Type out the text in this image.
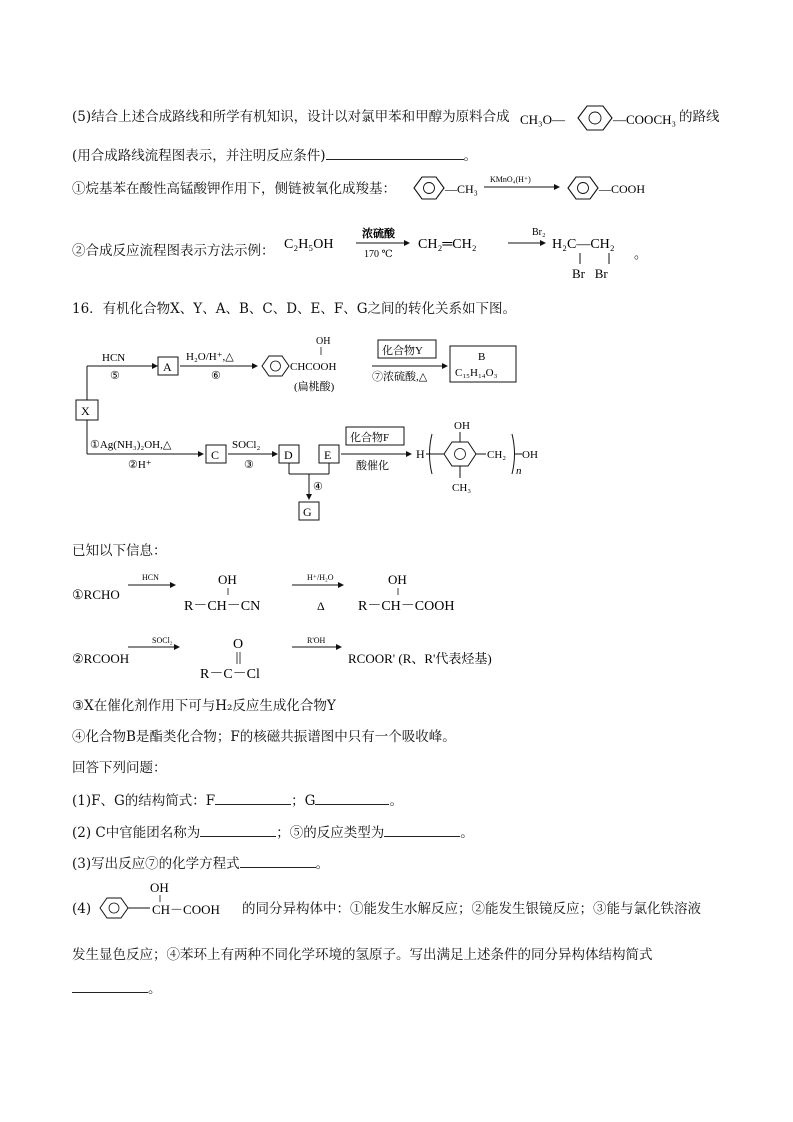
(5)结合上述合成路线和所学有机知识，设计以对氯甲苯和甲醇为原料合成 CH₃O—	—COOCH₃ 的路线
(用合成路线流程图表示，并注明反应条件)	。
①烷基苯在酸性高锰酸钾作用下，侧链被氧化成羧基：	—CH₃
KMnO₄(H⁺)
—COOH
②合成反应流程图表示方法示例： C₂H₅OH
浓硫酸
170 ℃
CH₂═CH₂
Br₂
H₂C—CH₂
Br   Br
。
16．有机化合物X、Y、A、B、C、D、E、F、G之间的转化关系如下图。
X
HCN
⑤
A
H₂O/H⁺,△
⑥
OH
CHCOOH
(扁桃酸)
化合物Y
⑦浓硫酸,△
B
C₁₅H₁₄O₃
①Ag(NH₃)₂OH,△
②H⁺
C
SOCl₂
③
D	E
④
G
化合物F
酸催化
H
OH
CH₂ OH
n
CH₃
已知以下信息：
①RCHO
HCN	OH
R－CH－CN
H⁺/H₂O
Δ
OH
R－CH－COOH
②RCOOH
SOCl₂	O
R－C－Cl
R'OH
RCOOR' (R、R'代表烃基)
③X在催化剂作用下可与H₂反应生成化合物Y
④化合物B是酯类化合物；F的核磁共振谱图中只有一个吸收峰。
回答下列问题：
(1)F、G的结构简式：F	；G	。
(2) C中官能团名称为	；⑤的反应类型为	。
(3)写出反应⑦的化学方程式	。
(4)
OH
CH－COOH 的同分异构体中：①能发生水解反应；②能发生银镜反应；③能与氯化铁溶液
发生显色反应；④苯环上有两种不同化学环境的氢原子。写出满足上述条件的同分异构体结构简式
。
